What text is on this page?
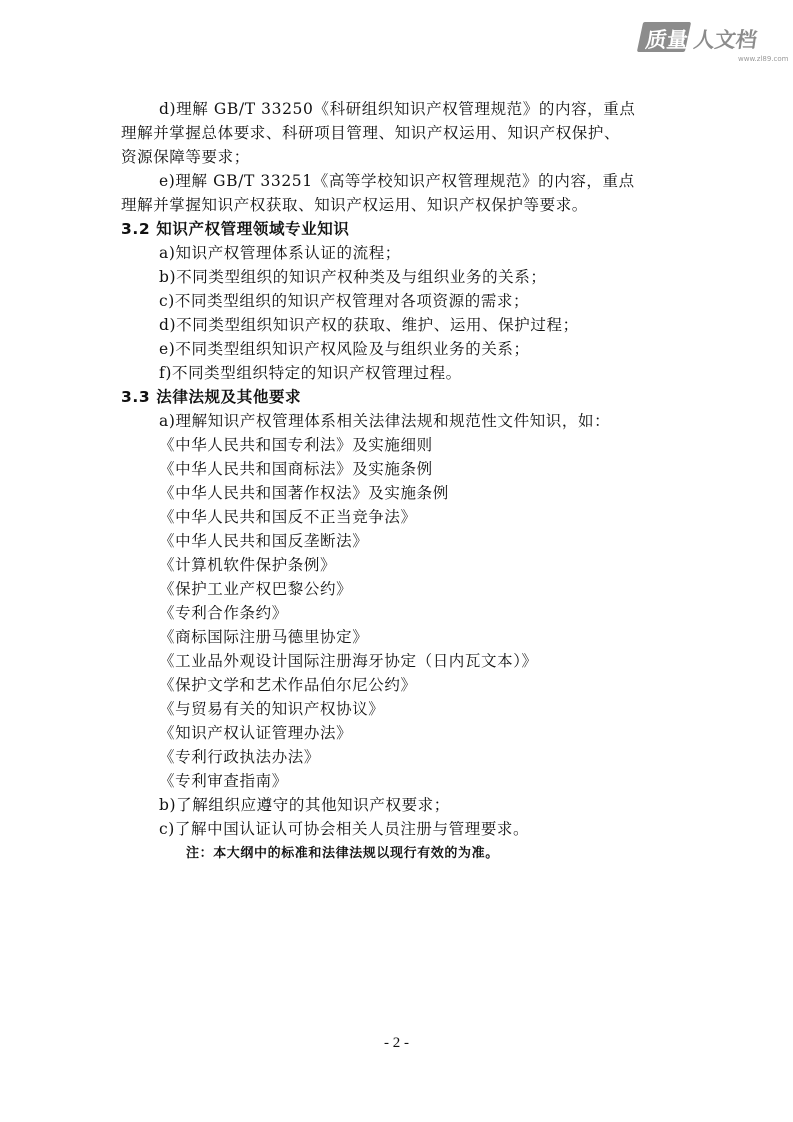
质量 人文档
www.zl89.com
d)理解 GB/T 33250《科研组织知识产权管理规范》的内容，重点
理解并掌握总体要求、科研项目管理、知识产权运用、知识产权保护、
资源保障等要求；
e)理解 GB/T 33251《高等学校知识产权管理规范》的内容，重点
理解并掌握知识产权获取、知识产权运用、知识产权保护等要求。
3.2 知识产权管理领域专业知识
a)知识产权管理体系认证的流程；
b)不同类型组织的知识产权种类及与组织业务的关系；
c)不同类型组织的知识产权管理对各项资源的需求；
d)不同类型组织知识产权的获取、维护、运用、保护过程；
e)不同类型组织知识产权风险及与组织业务的关系；
f)不同类型组织特定的知识产权管理过程。
3.3 法律法规及其他要求
a)理解知识产权管理体系相关法律法规和规范性文件知识，如：
《中华人民共和国专利法》及实施细则
《中华人民共和国商标法》及实施条例
《中华人民共和国著作权法》及实施条例
《中华人民共和国反不正当竞争法》
《中华人民共和国反垄断法》
《计算机软件保护条例》
《保护工业产权巴黎公约》
《专利合作条约》
《商标国际注册马德里协定》
《工业品外观设计国际注册海牙协定（日内瓦文本）》
《保护文学和艺术作品伯尔尼公约》
《与贸易有关的知识产权协议》
《知识产权认证管理办法》
《专利行政执法办法》
《专利审查指南》
b)了解组织应遵守的其他知识产权要求；
c)了解中国认证认可协会相关人员注册与管理要求。
注：本大纲中的标准和法律法规以现行有效的为准。
- 2 -
